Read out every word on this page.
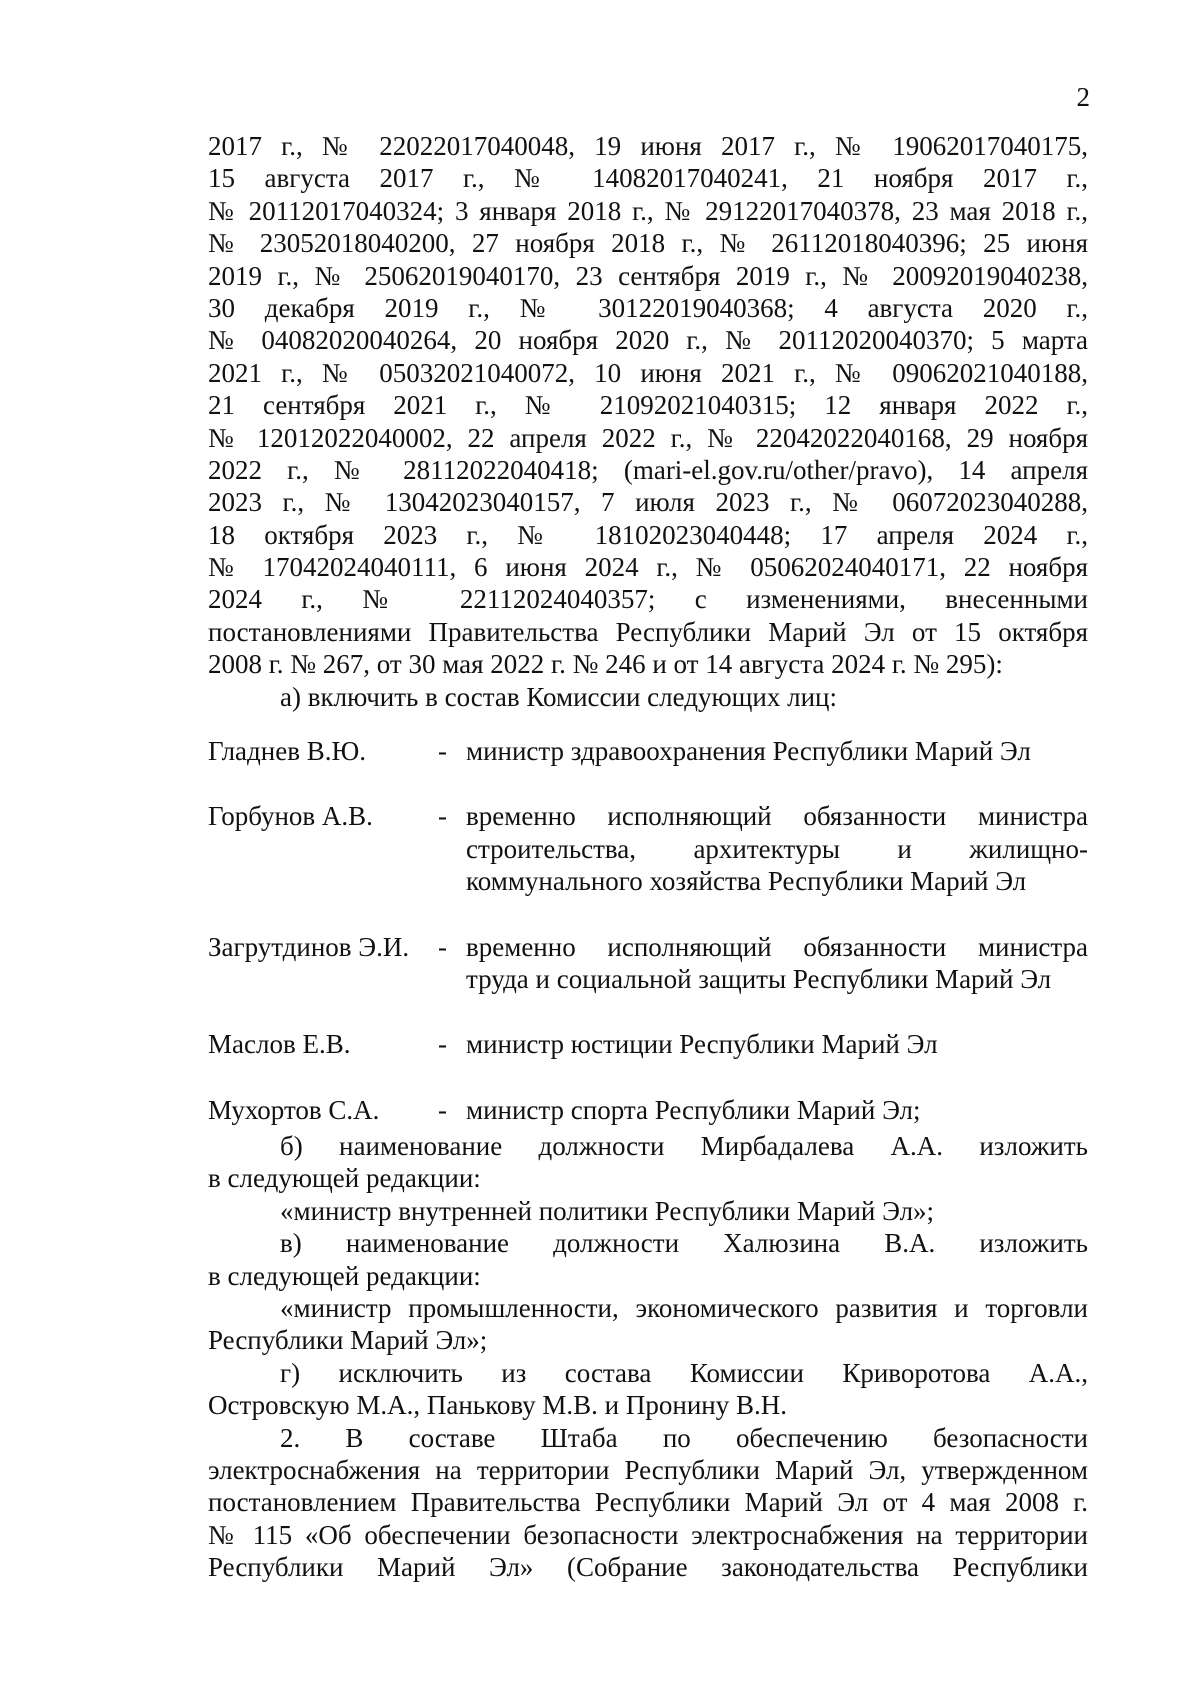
2
2017 г., № 22022017040048, 19 июня 2017 г., № 19062017040175,
15 августа 2017 г., № 14082017040241, 21 ноября 2017 г.,
№ 20112017040324; 3 января 2018 г., № 29122017040378, 23 мая 2018 г.,
№ 23052018040200, 27 ноября 2018 г., № 26112018040396; 25 июня
2019 г., № 25062019040170, 23 сентября 2019 г., № 20092019040238,
30 декабря 2019 г., № 30122019040368; 4 августа 2020 г.,
№ 04082020040264, 20 ноября 2020 г., № 20112020040370; 5 марта
2021 г., № 05032021040072, 10 июня 2021 г., № 09062021040188,
21 сентября 2021 г., № 21092021040315; 12 января 2022 г.,
№ 12012022040002, 22 апреля 2022 г., № 22042022040168, 29 ноября
2022 г., № 28112022040418; (mari-el.gov.ru/other/pravo), 14 апреля
2023 г., № 13042023040157, 7 июля 2023 г., № 06072023040288,
18 октября 2023 г., № 18102023040448; 17 апреля 2024 г.,
№ 17042024040111, 6 июня 2024 г., № 05062024040171, 22 ноября
2024 г., № 22112024040357; с изменениями, внесенными
постановлениями Правительства Республики Марий Эл от 15 октября
2008 г. № 267, от 30 мая 2022 г. № 246 и от 14 августа 2024 г. № 295):
а) включить в состав Комиссии следующих лиц:
Гладнев В.Ю.	- министр здравоохранения Республики Марий Эл
Горбунов А.В.	- временно исполняющий обязанности министра
строительства, архитектуры и жилищно-
коммунального хозяйства Республики Марий Эл
Загрутдинов Э.И.	- временно исполняющий обязанности министра
труда и социальной защиты Республики Марий Эл
Маслов Е.В.	- министр юстиции Республики Марий Эл
Мухортов С.А.	- министр спорта Республики Марий Эл;
б) наименование должности Мирбадалева А.А. изложить
в следующей редакции:
«министр внутренней политики Республики Марий Эл»;
в) наименование должности Халюзина В.А. изложить
в следующей редакции:
«министр промышленности, экономического развития и торговли
Республики Марий Эл»;
г) исключить из состава Комиссии Криворотова А.А.,
Островскую М.А., Панькову М.В. и Пронину В.Н.
2. В составе Штаба по обеспечению безопасности
электроснабжения на территории Республики Марий Эл, утвержденном
постановлением Правительства Республики Марий Эл от 4 мая 2008 г.
№ 115 «Об обеспечении безопасности электроснабжения на территории
Республики Марий Эл» (Собрание законодательства Республики
